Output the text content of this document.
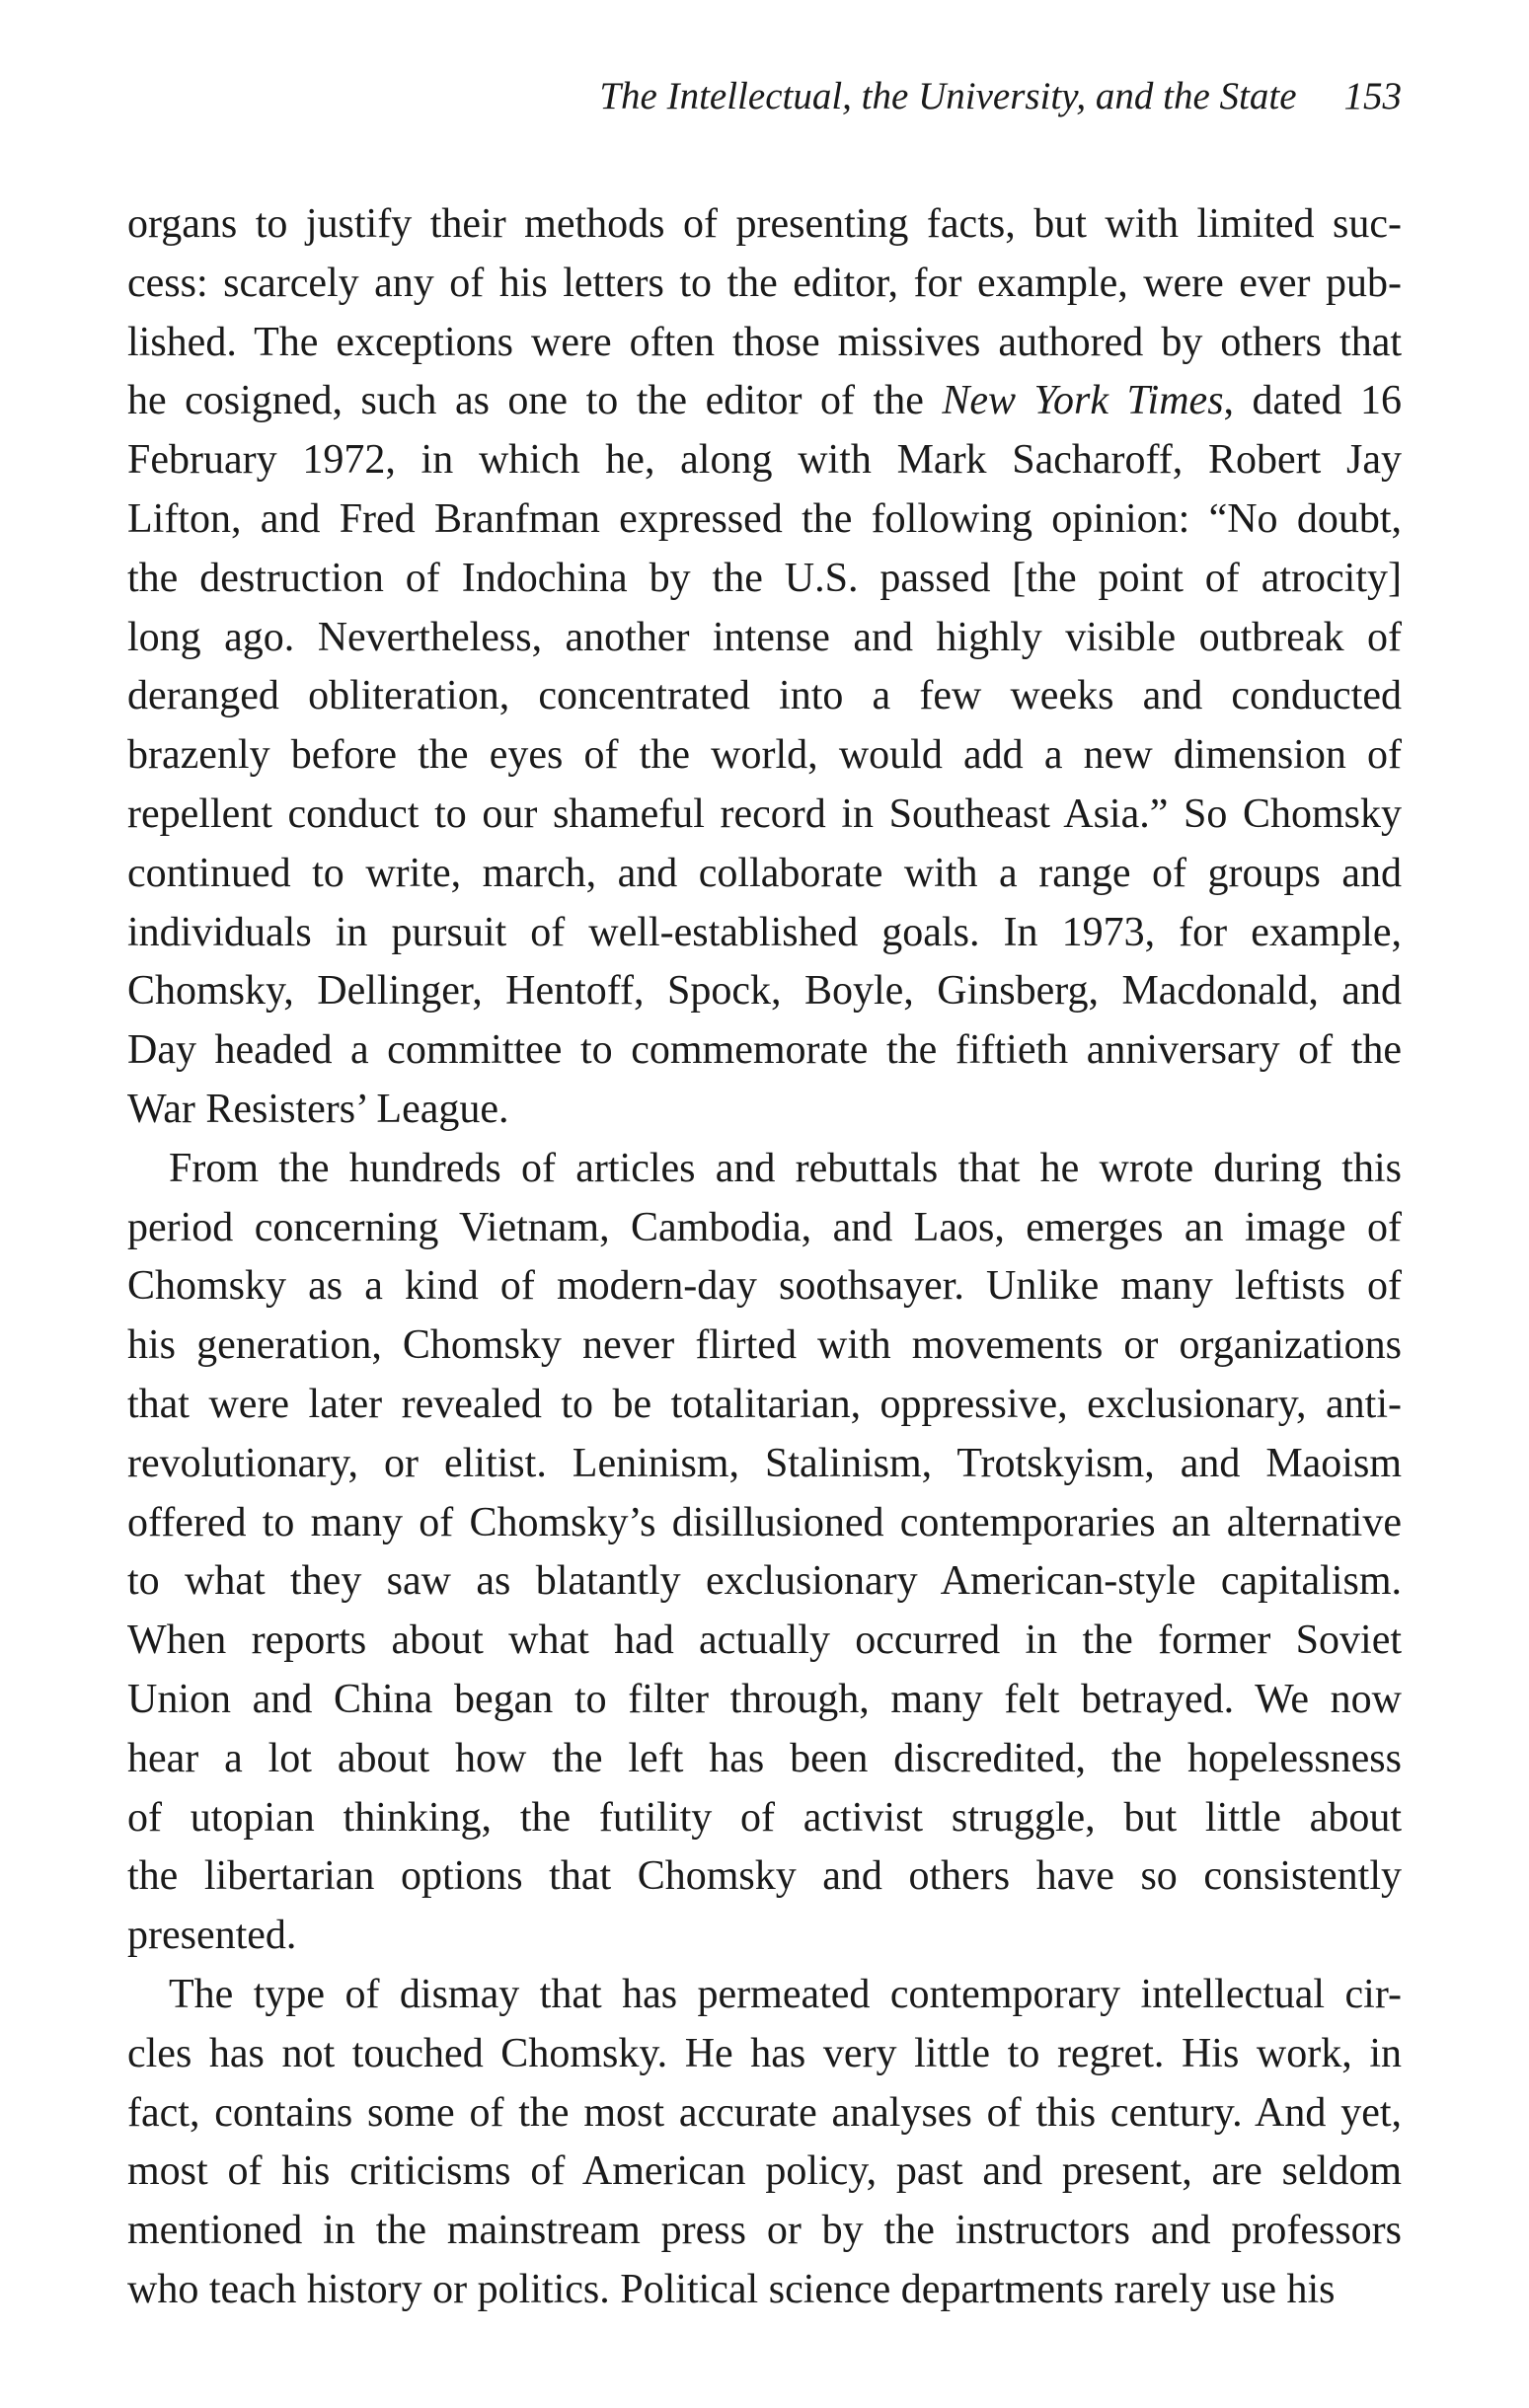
The Intellectual, the University, and the State 153
organs to justify their methods of presenting facts, but with limited suc-
cess: scarcely any of his letters to the editor, for example, were ever pub-
lished. The exceptions were often those missives authored by others that
he cosigned, such as one to the editor of the New York Times, dated 16
February 1972, in which he, along with Mark Sacharoff, Robert Jay
Lifton, and Fred Branfman expressed the following opinion: “No doubt,
the destruction of Indochina by the U.S. passed [the point of atrocity]
long ago. Nevertheless, another intense and highly visible outbreak of
deranged obliteration, concentrated into a few weeks and conducted
brazenly before the eyes of the world, would add a new dimension of
repellent conduct to our shameful record in Southeast Asia.” So Chomsky
continued to write, march, and collaborate with a range of groups and
individuals in pursuit of well-established goals. In 1973, for example,
Chomsky, Dellinger, Hentoff, Spock, Boyle, Ginsberg, Macdonald, and
Day headed a committee to commemorate the fiftieth anniversary of the
War Resisters’ League.
From the hundreds of articles and rebuttals that he wrote during this
period concerning Vietnam, Cambodia, and Laos, emerges an image of
Chomsky as a kind of modern-day soothsayer. Unlike many leftists of
his generation, Chomsky never flirted with movements or organizations
that were later revealed to be totalitarian, oppressive, exclusionary, anti-
revolutionary, or elitist. Leninism, Stalinism, Trotskyism, and Maoism
offered to many of Chomsky’s disillusioned contemporaries an alternative
to what they saw as blatantly exclusionary American-style capitalism.
When reports about what had actually occurred in the former Soviet
Union and China began to filter through, many felt betrayed. We now
hear a lot about how the left has been discredited, the hopelessness
of utopian thinking, the futility of activist struggle, but little about
the libertarian options that Chomsky and others have so consistently
presented.
The type of dismay that has permeated contemporary intellectual cir-
cles has not touched Chomsky. He has very little to regret. His work, in
fact, contains some of the most accurate analyses of this century. And yet,
most of his criticisms of American policy, past and present, are seldom
mentioned in the mainstream press or by the instructors and professors
who teach history or politics. Political science departments rarely use his
